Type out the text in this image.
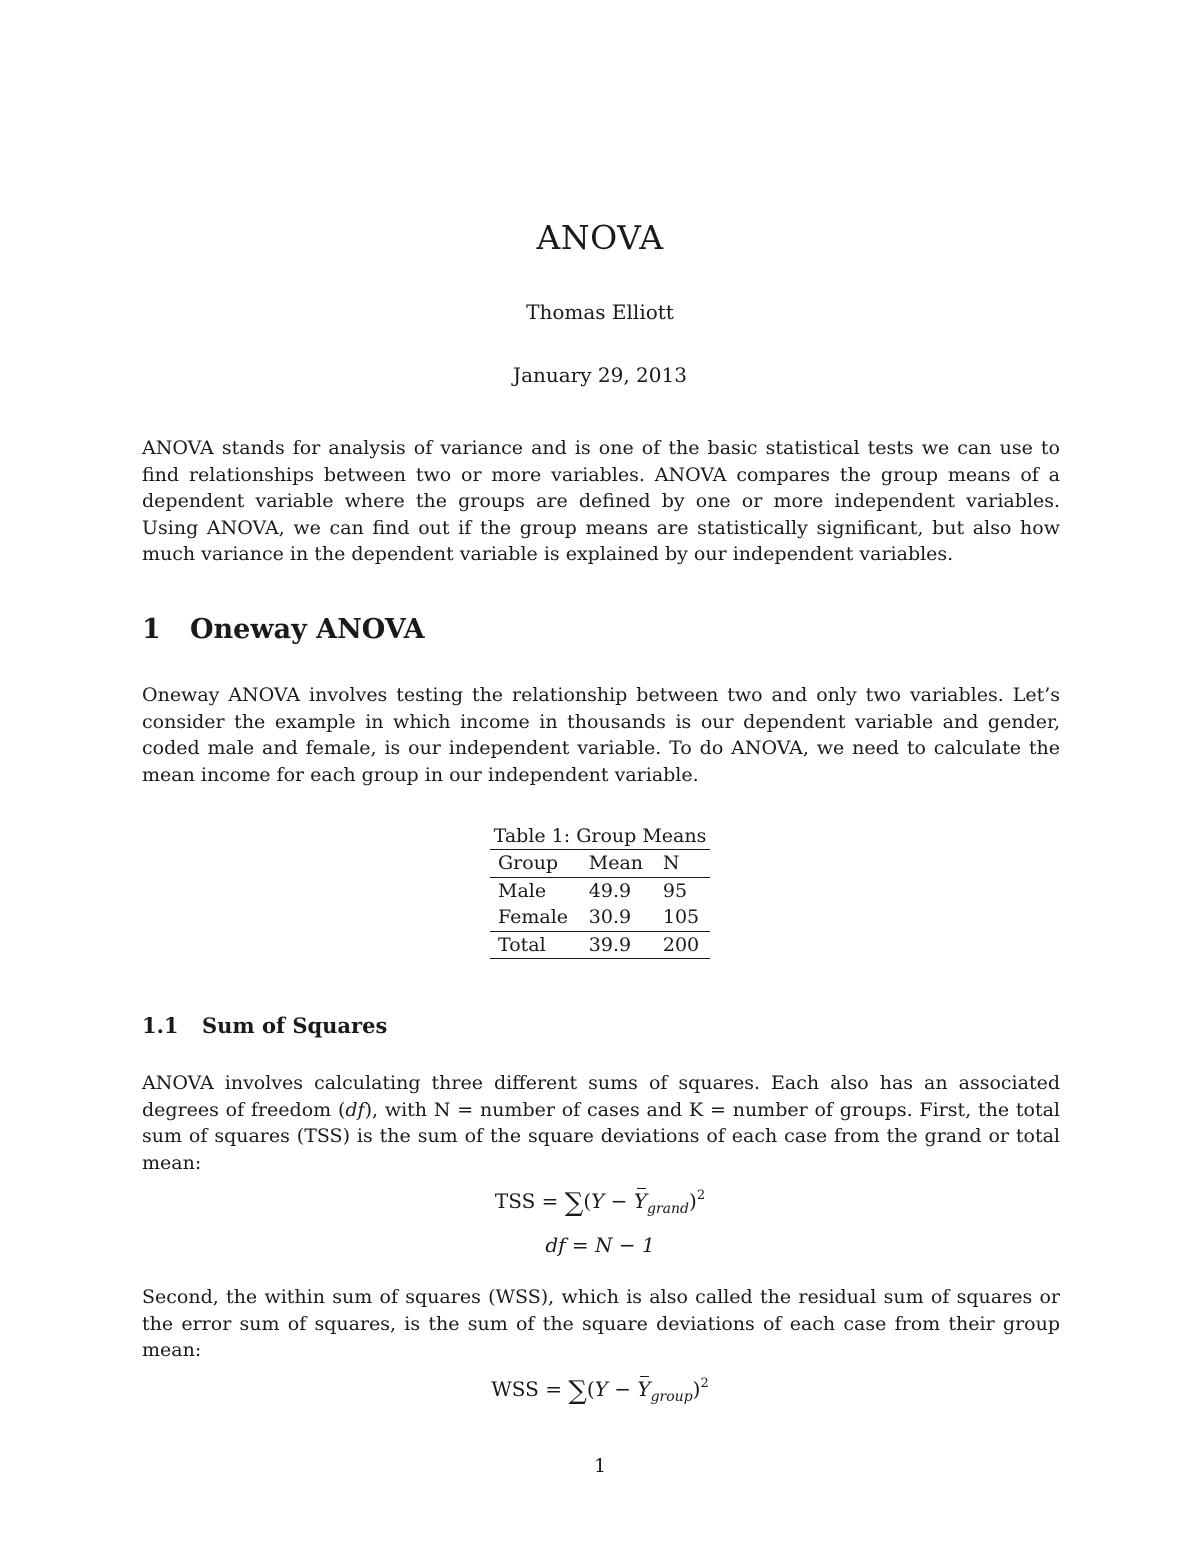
ANOVA
Thomas Elliott
January 29, 2013

ANOVA stands for analysis of variance and is one of the basic statistical tests we can use to find relationships between two or more variables. ANOVA compares the group means of a dependent variable where the groups are defined by one or more independent variables. Using ANOVA, we can find out if the group means are statistically significant, but also how much variance in the dependent variable is explained by our independent variables.

1 Oneway ANOVA

Oneway ANOVA involves testing the relationship between two and only two variables. Let’s consider the example in which income in thousands is our dependent variable and gender, coded male and female, is our independent variable. To do ANOVA, we need to calculate the mean income for each group in our independent variable.

Table 1: Group Means
Group	Mean	N
Male	49.9	95
Female	30.9	105
Total	39.9	200
1.1 Sum of Squares

ANOVA involves calculating three different sums of squares. Each also has an associated degrees of freedom (df), with N = number of cases and K = number of groups. First, the total sum of squares (TSS) is the sum of the square deviations of each case from the grand or total mean:

TSS = $\sum(Y - Y_{grand})^2$
df = N − 1

Second, the within sum of squares (WSS), which is also called the residual sum of squares or the error sum of squares, is the sum of the square deviations of each case from their group mean:

WSS = $\sum(Y - Y_{group})^2$
1
